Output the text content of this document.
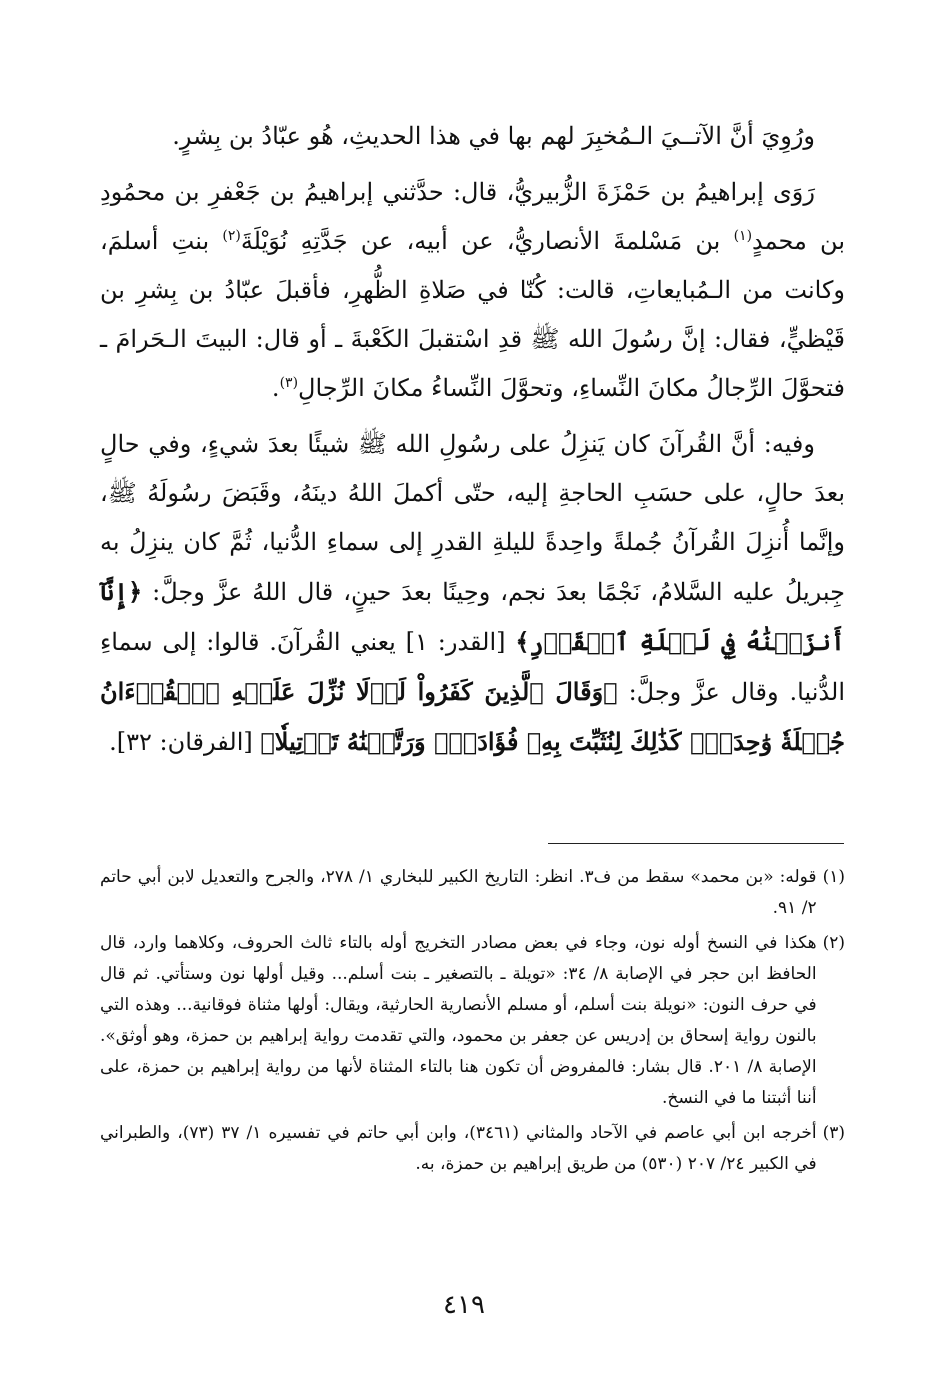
ورُوِيَ أنَّ الآتــيَ الـمُخبِرَ لهم بها في هذا الحديثِ، هُو عبّادُ بن بِشرٍ.

رَوَى إبراهيمُ بن حَمْزَةَ الزُّبيريُّ، قال: حدَّثني إبراهيمُ بن جَعْفرِ بن محمُودِ بن محمدٍ$^{(١)}$ بن مَسْلمةَ الأنصاريُّ، عن أبيه، عن جَدَّتِهِ نُوَيْلَةَ$^{(٢)}$ بنتِ أسلمَ، وكانت من الـمُبايعاتِ، قالت: كُنّا في صَلاةِ الظُّهرِ، فأقبلَ عبّادُ بن بِشرِ بن قَيْظيٍّ، فقال: إنَّ رسُولَ الله ﷺ قدِ اسْتقبلَ الكَعْبةَ ـ أو قال: البيتَ الـحَرامَ ـ فتحوَّلَ الرِّجالُ مكانَ النِّساءِ، وتحوَّلَ النِّساءُ مكانَ الرِّجالِ$^{(٣)}$.

وفيه: أنَّ القُرآنَ كان يَنزِلُ على رسُولِ الله ﷺ شيئًا بعدَ شيءٍ، وفي حالٍ بعدَ حالٍ، على حسَبِ الحاجةِ إليه، حتّى أكملَ اللهُ دينَهُ، وقَبَضَ رسُولَهُ ﷺ، وإنَّما أُنزِلَ القُرآنُ جُملةً واحِدةً لليلةِ القدرِ إلى سماءِ الدُّنيا، ثُمَّ كان ينزِلُ به جِبريلُ عليه السَّلامُ، نَجْمًا بعدَ نجم، وحِينًا بعدَ حينٍ، قال اللهُ عزَّ وجلَّ: ﴿إِنَّآ أَنزَلۡنَٰهُ فِي لَيۡلَةِ ٱلۡقَدۡرِ﴾ [القدر: ١] يعني القُرآنَ. قالوا: إلى سماءِ الدُّنيا. وقال عزَّ وجلَّ: ﴿وَقَالَ ٱلَّذِينَ كَفَرُواْ لَوۡلَا نُزِّلَ عَلَيۡهِ ٱلۡقُرۡءَانُ جُمۡلَةٗ وَٰحِدَةٗۚ كَذَٰلِكَ لِنُثَبِّتَ بِهِۦ فُؤَادَكَۖ وَرَتَّلۡنَٰهُ تَرۡتِيلٗا﴾ [الفرقان: ٣٢].

(١)
قوله: «بن محمد» سقط من ف٣. انظر: التاريخ الكبير للبخاري ١/ ٢٧٨، والجرح والتعديل لابن أبي حاتم ٢/ ٩١.

(٢)
هكذا في النسخ أوله نون، وجاء في بعض مصادر التخريج أوله بالتاء ثالث الحروف، وكلاهما وارد، قال الحافظ ابن حجر في الإصابة ٨/ ٣٤: «تويلة ـ بالتصغير ـ بنت أسلم... وقيل أولها نون وستأتي. ثم قال في حرف النون: «نويلة بنت أسلم، أو مسلم الأنصارية الحارثية، ويقال: أولها مثناة فوقانية... وهذه التي بالنون رواية إسحاق بن إدريس عن جعفر بن محمود، والتي تقدمت رواية إبراهيم بن حمزة، وهو أوثق». الإصابة ٨/ ٢٠١. قال بشار: فالمفروض أن تكون هنا بالتاء المثناة لأنها من رواية إبراهيم بن حمزة، على أننا أثبتنا ما في النسخ.

(٣)
أخرجه ابن أبي عاصم في الآحاد والمثاني (٣٤٦١)، وابن أبي حاتم في تفسيره ١/ ٣٧ (٧٣)، والطبراني في الكبير ٢٤/ ٢٠٧ (٥٣٠) من طريق إبراهيم بن حمزة، به.

٤١٩
